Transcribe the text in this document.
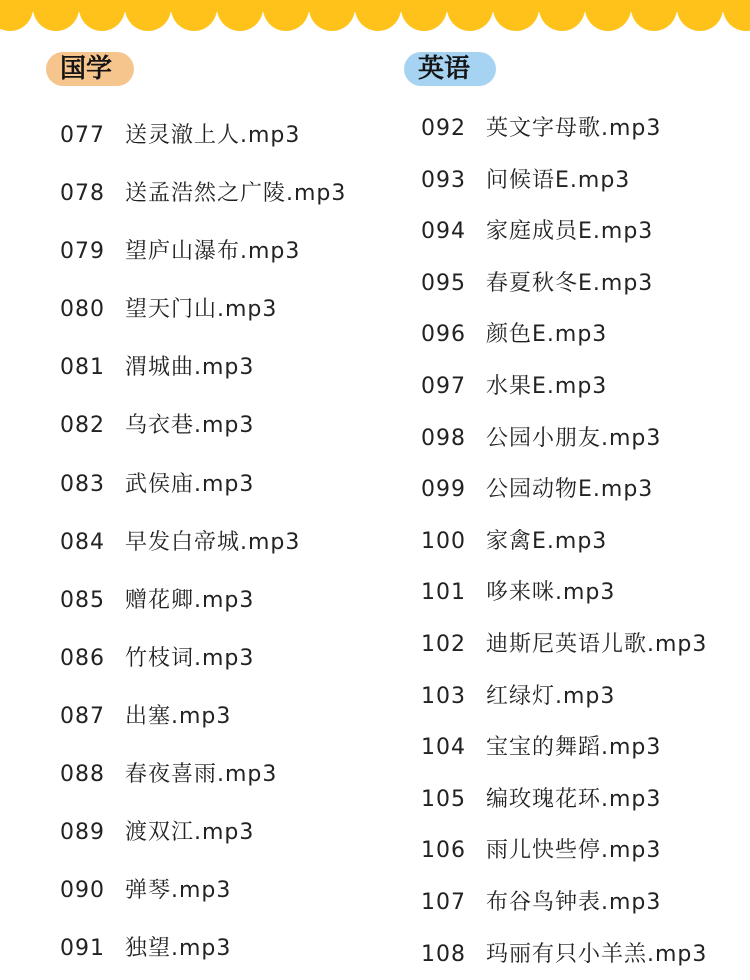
国学	英语
077 送灵澈上人.mp3
078 送孟浩然之广陵.mp3
079 望庐山瀑布.mp3
080 望天门山.mp3
081 渭城曲.mp3
082 乌衣巷.mp3
083 武侯庙.mp3
084 早发白帝城.mp3
085 赠花卿.mp3
086 竹枝词.mp3
087 出塞.mp3
088 春夜喜雨.mp3
089 渡双江.mp3
090 弹琴.mp3
091 独望.mp3
092 英文字母歌.mp3
093 问候语E.mp3
094 家庭成员E.mp3
095 春夏秋冬E.mp3
096 颜色E.mp3
097 水果E.mp3
098 公园小朋友.mp3
099 公园动物E.mp3
100 家禽E.mp3
101 哆来咪.mp3
102 迪斯尼英语儿歌.mp3
103 红绿灯.mp3
104 宝宝的舞蹈.mp3
105 编玫瑰花环.mp3
106 雨儿快些停.mp3
107 布谷鸟钟表.mp3
108 玛丽有只小羊羔.mp3
